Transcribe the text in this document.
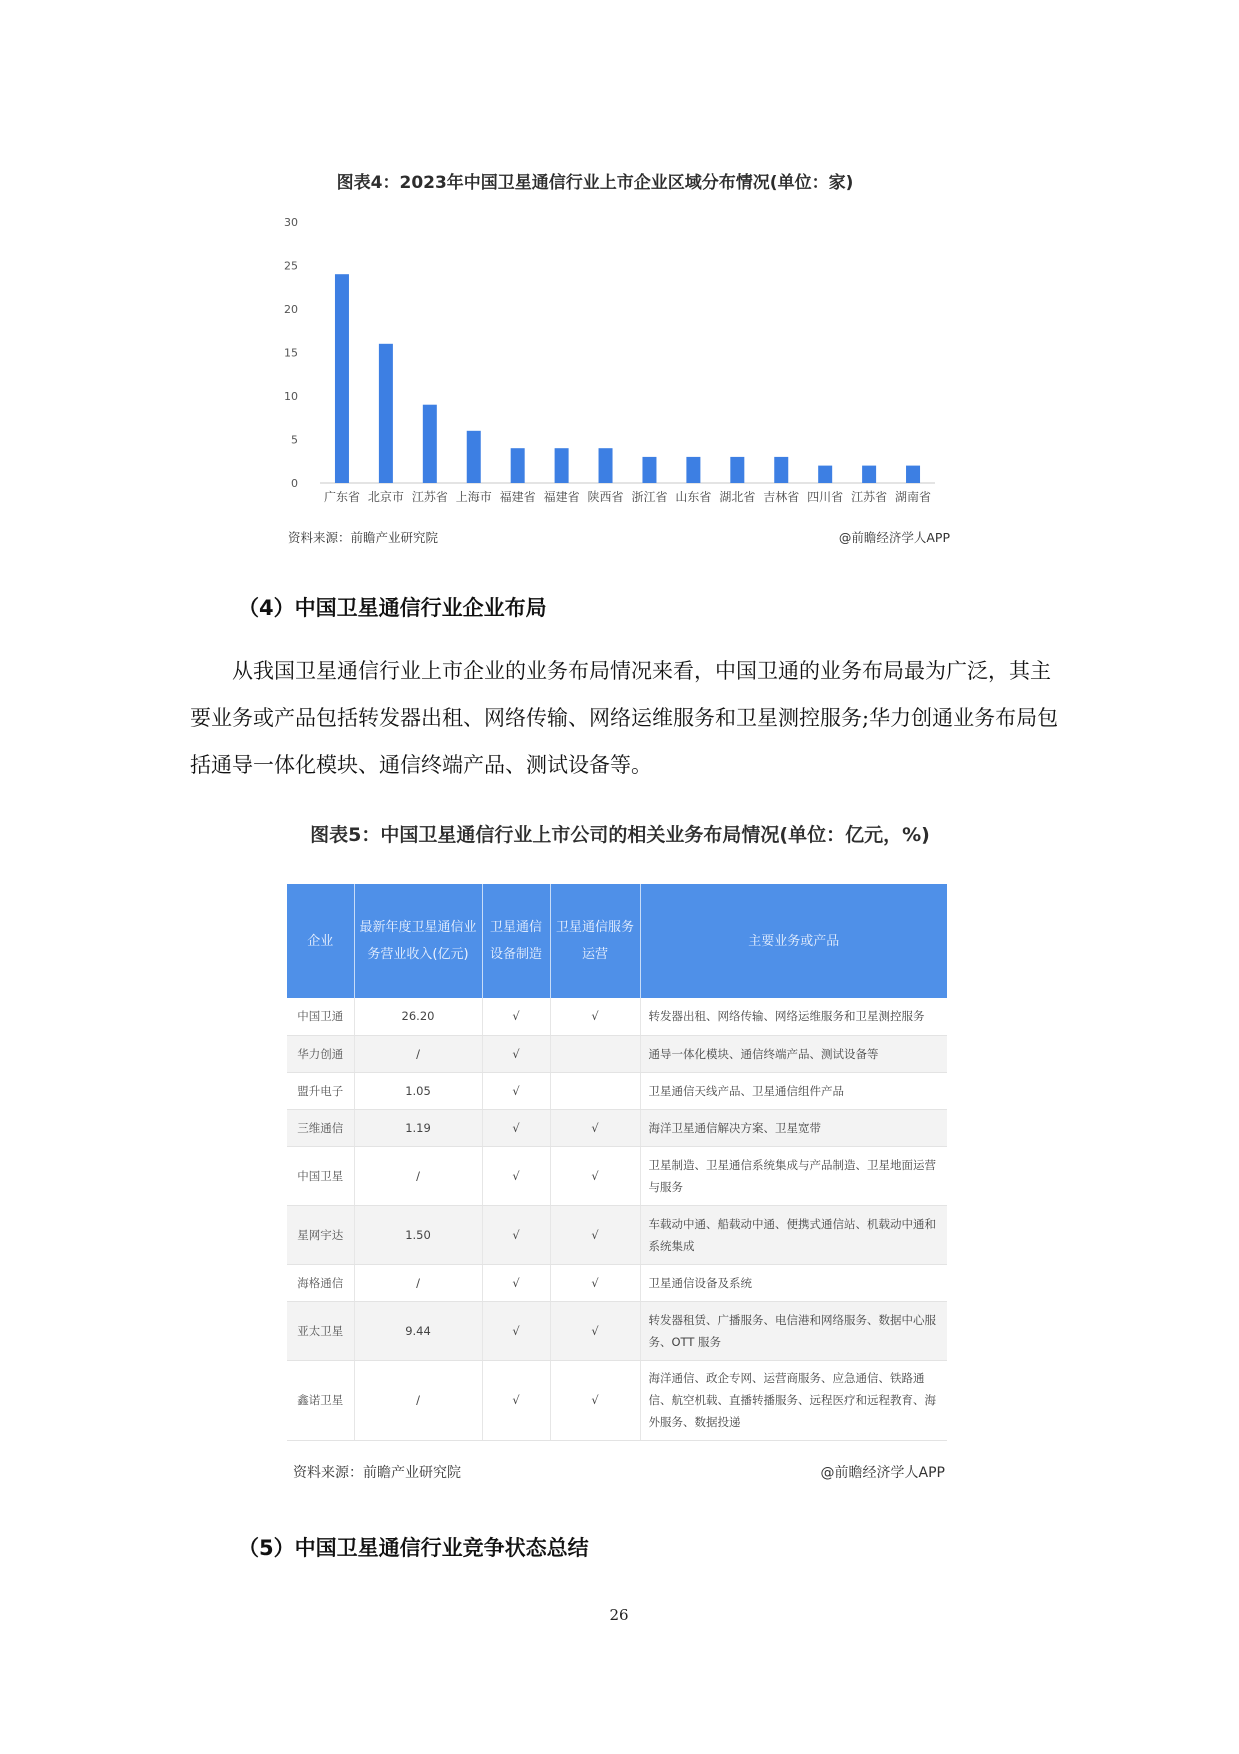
图表4：2023年中国卫星通信行业上市企业区域分布情况(单位：家)
0
5
10
15
20
25
30
广东省 北京市 江苏省 上海市 福建省 福建省 陕西省 浙江省 山东省 湖北省 吉林省 四川省 江苏省 湖南省
资料来源：前瞻产业研究院	@前瞻经济学人APP
（4）中国卫星通信行业企业布局
从我国卫星通信行业上市企业的业务布局情况来看，中国卫通的业务布局最为广泛，其主要业务或产品包括转发器出租、网络传输、网络运维服务和卫星测控服务;华力创通业务布局包括通导一体化模块、通信终端产品、测试设备等。
图表5：中国卫星通信行业上市公司的相关业务布局情况(单位：亿元，%)
企业	最新年度卫星通信业务营业收入(亿元)	卫星通信设备制造	卫星通信服务运营	主要业务或产品
中国卫通	26.20	√	√	转发器出租、网络传输、网络运维服务和卫星测控服务
华力创通	/	√		通导一体化模块、通信终端产品、测试设备等
盟升电子	1.05	√		卫星通信天线产品、卫星通信组件产品
三维通信	1.19	√	√	海洋卫星通信解决方案、卫星宽带
中国卫星	/	√	√	卫星制造、卫星通信系统集成与产品制造、卫星地面运营与服务
星网宇达	1.50	√	√	车载动中通、船载动中通、便携式通信站、机载动中通和系统集成
海格通信	/	√	√	卫星通信设备及系统
亚太卫星	9.44	√	√	转发器租赁、广播服务、电信港和网络服务、数据中心服务、OTT 服务
鑫诺卫星	/	√	√	海洋通信、政企专网、运营商服务、应急通信、铁路通信、航空机载、直播转播服务、远程医疗和远程教育、海外服务、数据投递
资料来源：前瞻产业研究院	@前瞻经济学人APP
（5）中国卫星通信行业竞争状态总结
26
